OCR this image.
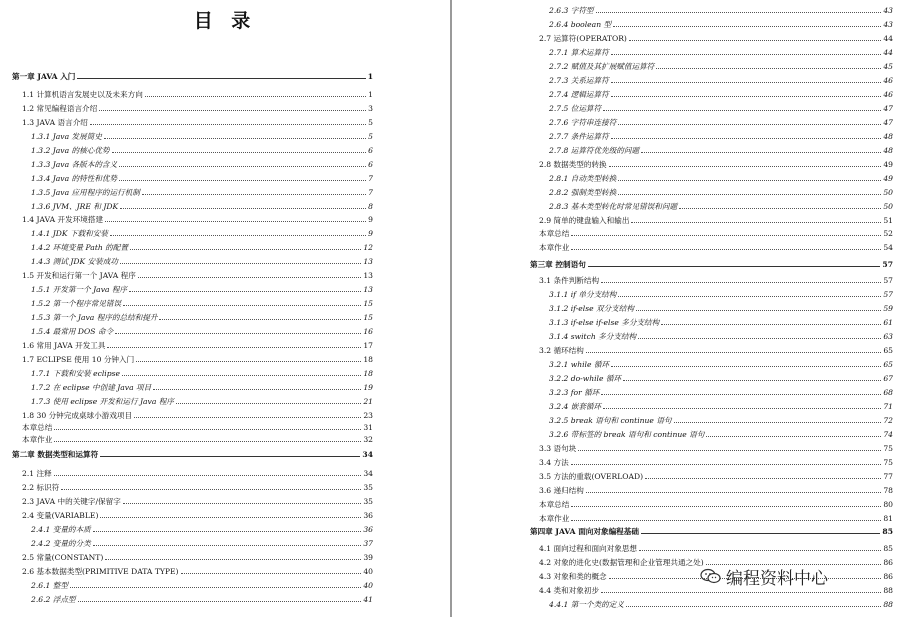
目 录
第一章 JAVA 入门	1
1.1 计算机语言发展史以及未来方向	1
1.2 常见编程语言介绍	3
1.3 JAVA 语言介绍	5
1.3.1 Java 发展简史	5
1.3.2 Java 的核心优势	6
1.3.3 Java 各版本的含义	6
1.3.4 Java 的特性和优势	7
1.3.5 Java 应用程序的运行机制	7
1.3.6 JVM、JRE 和 JDK	8
1.4 JAVA 开发环境搭建	9
1.4.1 JDK 下载和安装	9
1.4.2 环境变量 Path 的配置	12
1.4.3 测试 JDK 安装成功	13
1.5 开发和运行第一个 JAVA 程序	13
1.5.1 开发第一个 Java 程序	13
1.5.2 第一个程序常见错误	15
1.5.3 第一个 Java 程序的总结和提升	15
1.5.4 最常用 DOS 命令	16
1.6 常用 JAVA 开发工具	17
1.7 ECLIPSE 使用 10 分钟入门	18
1.7.1 下载和安装 eclipse	18
1.7.2 在 eclipse 中创建 Java 项目	19
1.7.3 使用 eclipse 开发和运行 Java 程序	21
1.8 30 分钟完成桌球小游戏项目	23
本章总结	31
本章作业	32
第二章 数据类型和运算符	34
2.1 注释	34
2.2 标识符	35
2.3 JAVA 中的关键字/保留字	35
2.4 变量(VARIABLE)	36
2.4.1 变量的本质	36
2.4.2 变量的分类	37
2.5 常量(CONSTANT)	39
2.6 基本数据类型(PRIMITIVE DATA TYPE)	40
2.6.1 整型	40
2.6.2 浮点型	41
2.6.3 字符型	43
2.6.4 boolean 型	43
2.7 运算符(OPERATOR)	44
2.7.1 算术运算符	44
2.7.2 赋值及其扩展赋值运算符	45
2.7.3 关系运算符	46
2.7.4 逻辑运算符	46
2.7.5 位运算符	47
2.7.6 字符串连接符	47
2.7.7 条件运算符	48
2.7.8 运算符优先级的问题	48
2.8 数据类型的转换	49
2.8.1 自动类型转换	49
2.8.2 强制类型转换	50
2.8.3 基本类型转化时常见错误和问题	50
2.9 简单的键盘输入和输出	51
本章总结	52
本章作业	54
第三章 控制语句	57
3.1 条件判断结构	57
3.1.1 if 单分支结构	57
3.1.2 if-else 双分支结构	59
3.1.3 if-else if-else 多分支结构	61
3.1.4 switch 多分支结构	63
3.2 循环结构	65
3.2.1 while 循环	65
3.2.2 do-while 循环	67
3.2.3 for 循环	68
3.2.4 嵌套循环	71
3.2.5 break 语句和 continue 语句	72
3.2.6 带标签的 break 语句和 continue 语句	74
3.3 语句块	75
3.4 方法	75
3.5 方法的重载(OVERLOAD)	77
3.6 递归结构	78
本章总结	80
本章作业	81
第四章 JAVA 面向对象编程基础	85
4.1 面向过程和面向对象思想	85
4.2 对象的进化史(数据管理和企业管理共通之处)	86
4.3 对象和类的概念	86
4.4 类和对象初步	88
4.4.1 第一个类的定义	88
编程资料中心
